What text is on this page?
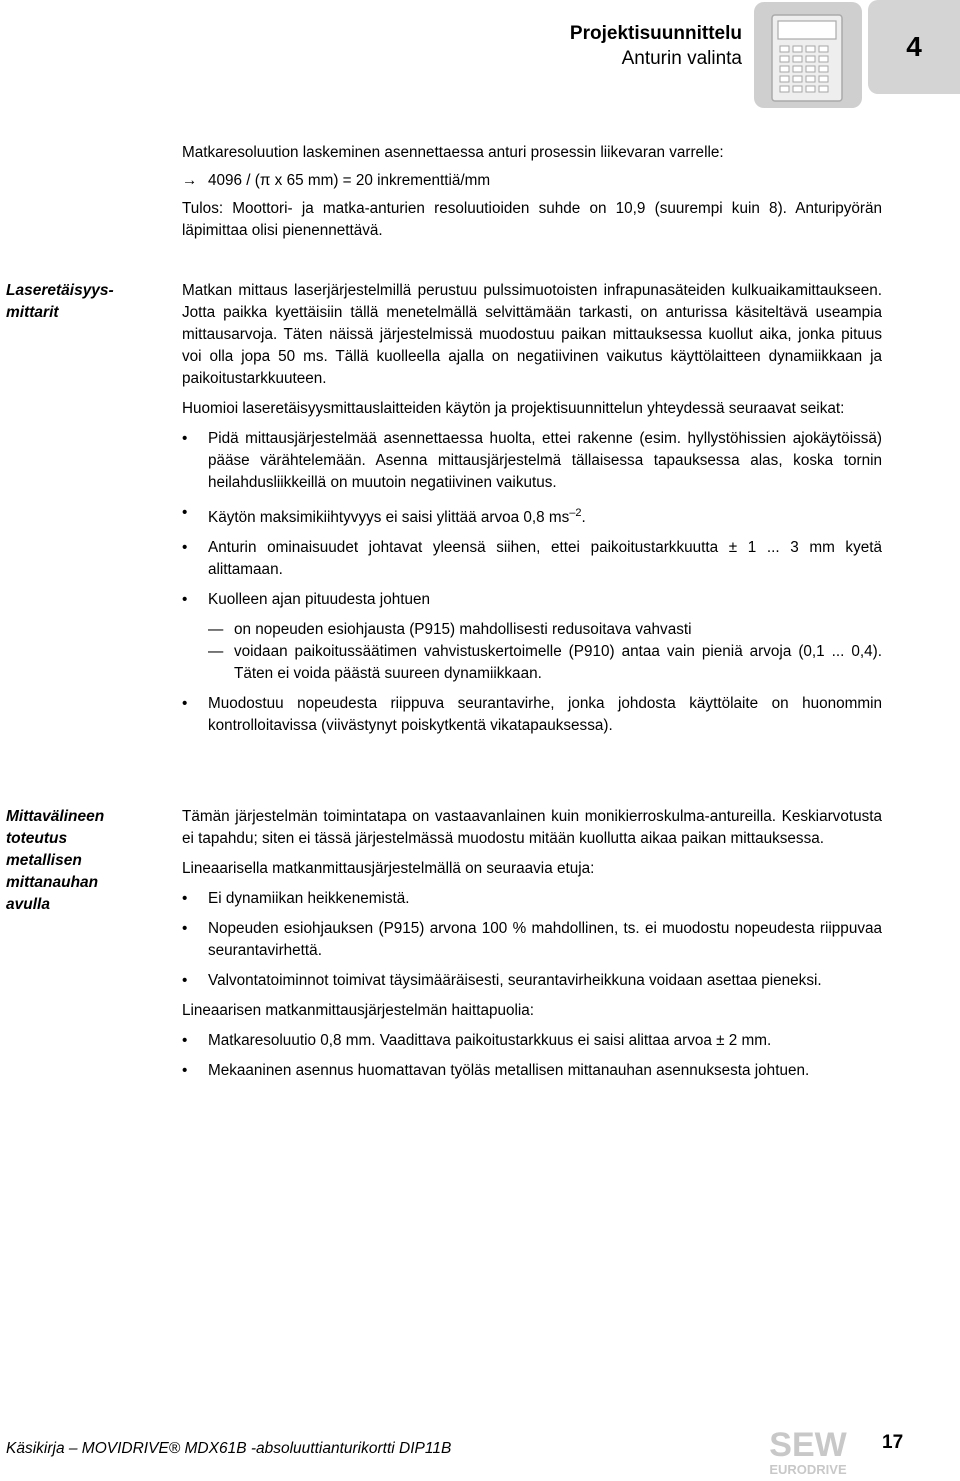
Projektisuunnittelu
Anturin valinta	4

Matkaresoluution laskeminen asennettaessa anturi prosessin liikevaran varrelle:

→ 4096 / (π x 65 mm) = 20 inkrementtiä/mm

Tulos: Moottori- ja matka-anturien resoluutioiden suhde on 10,9 (suurempi kuin 8). Anturipyörän läpimittaa olisi pienennettävä.

Laseretäisyys-
mittarit

Matkan mittaus laserjärjestelmillä perustuu pulssimuotoisten infrapunasäteiden kulkuaikamittaukseen. Jotta paikka kyettäisiin tällä menetelmällä selvittämään tarkasti, on anturissa käsiteltävä useampia mittausarvoja. Täten näissä järjestelmissä muodostuu paikan mittauksessa kuollut aika, jonka pituus voi olla jopa 50 ms. Tällä kuolleella ajalla on negatiivinen vaikutus käyttölaitteen dynamiikkaan ja paikoitustarkkuuteen.

Huomioi laseretäisyysmittauslaitteiden käytön ja projektisuunnittelun yhteydessä seuraavat seikat:

• Pidä mittausjärjestelmää asennettaessa huolta, ettei rakenne (esim. hyllystöhissien ajokäytöissä) pääse värähtelemään. Asenna mittausjärjestelmä tällaisessa tapauksessa alas, koska tornin heilahdusliikkeillä on muutoin negatiivinen vaikutus.
• Käytön maksimikiihtyvyys ei saisi ylittää arvoa 0,8 $ms^{-2}$.
• Anturin ominaisuudet johtavat yleensä siihen, ettei paikoitustarkkuutta ± 1 ... 3 mm kyetä alittamaan.
• Kuolleen ajan pituudesta johtuen
— on nopeuden esiohjausta (P915) mahdollisesti redusoitava vahvasti
— voidaan paikoitussäätimen vahvistuskertoimelle (P910) antaa vain pieniä arvoja (0,1 ... 0,4). Täten ei voida päästä suureen dynamiikkaan.
• Muodostuu nopeudesta riippuva seurantavirhe, jonka johdosta käyttölaite on huonommin kontrolloitavissa (viivästynyt poiskytkentä vikatapauksessa).
Mittavälineen
toteutus
metallisen
mittanauhan
avulla

Tämän järjestelmän toimintatapa on vastaavanlainen kuin monikierroskulma-antureilla. Keskiarvotusta ei tapahdu; siten ei tässä järjestelmässä muodostu mitään kuollutta aikaa paikan mittauksessa.

Lineaarisella matkanmittausjärjestelmällä on seuraavia etuja:

• Ei dynamiikan heikkenemistä.
• Nopeuden esiohjauksen (P915) arvona 100 % mahdollinen, ts. ei muodostu nopeudesta riippuvaa seurantavirhettä.
• Valvontatoiminnot toimivat täysimääräisesti, seurantavirheikkuna voidaan asettaa pieneksi.

Lineaarisen matkanmittausjärjestelmän haittapuolia:

• Matkaresoluutio 0,8 mm. Vaadittava paikoitustarkkuus ei saisi alittaa arvoa ± 2 mm.
• Mekaaninen asennus huomattavan työläs metallisen mittanauhan asennuksesta johtuen.
Käsikirja – MOVIDRIVE® MDX61B -absoluuttianturikortti DIP11B	SEW
EURODRIVE
17
